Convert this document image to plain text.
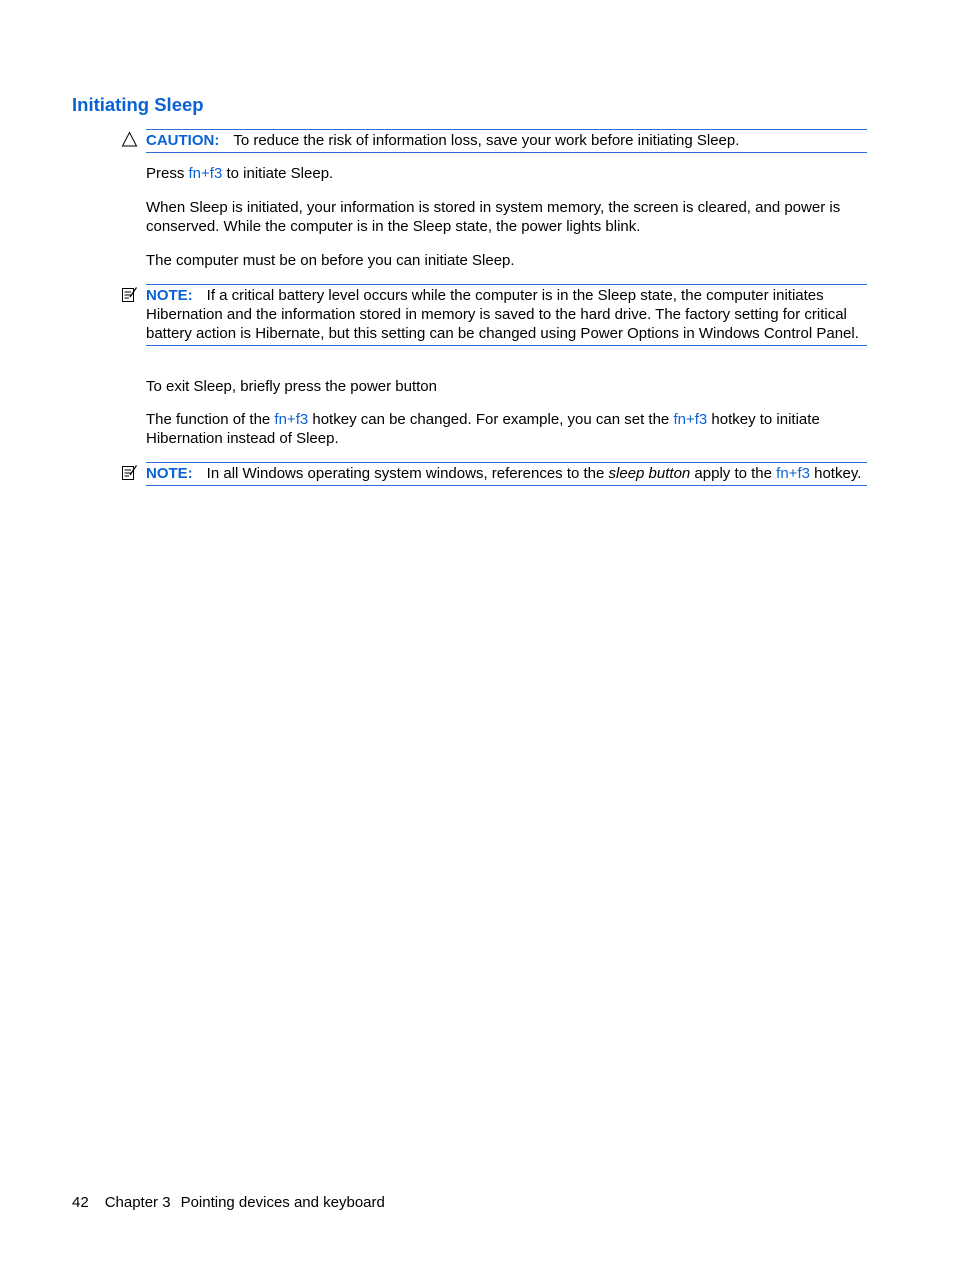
Initiating Sleep
CAUTION: To reduce the risk of information loss, save your work before initiating Sleep.

Press fn+f3 to initiate Sleep.

When Sleep is initiated, your information is stored in system memory, the screen is cleared, and power is conserved. While the computer is in the Sleep state, the power lights blink.

The computer must be on before you can initiate Sleep.

NOTE: If a critical battery level occurs while the computer is in the Sleep state, the computer initiates Hibernation and the information stored in memory is saved to the hard drive. The factory setting for critical battery action is Hibernate, but this setting can be changed using Power Options in Windows Control Panel.

To exit Sleep, briefly press the power button

The function of the fn+f3 hotkey can be changed. For example, you can set the fn+f3 hotkey to initiate Hibernation instead of Sleep.

NOTE: In all Windows operating system windows, references to the sleep button apply to the fn+f3 hotkey.
42 Chapter 3 Pointing devices and keyboard
